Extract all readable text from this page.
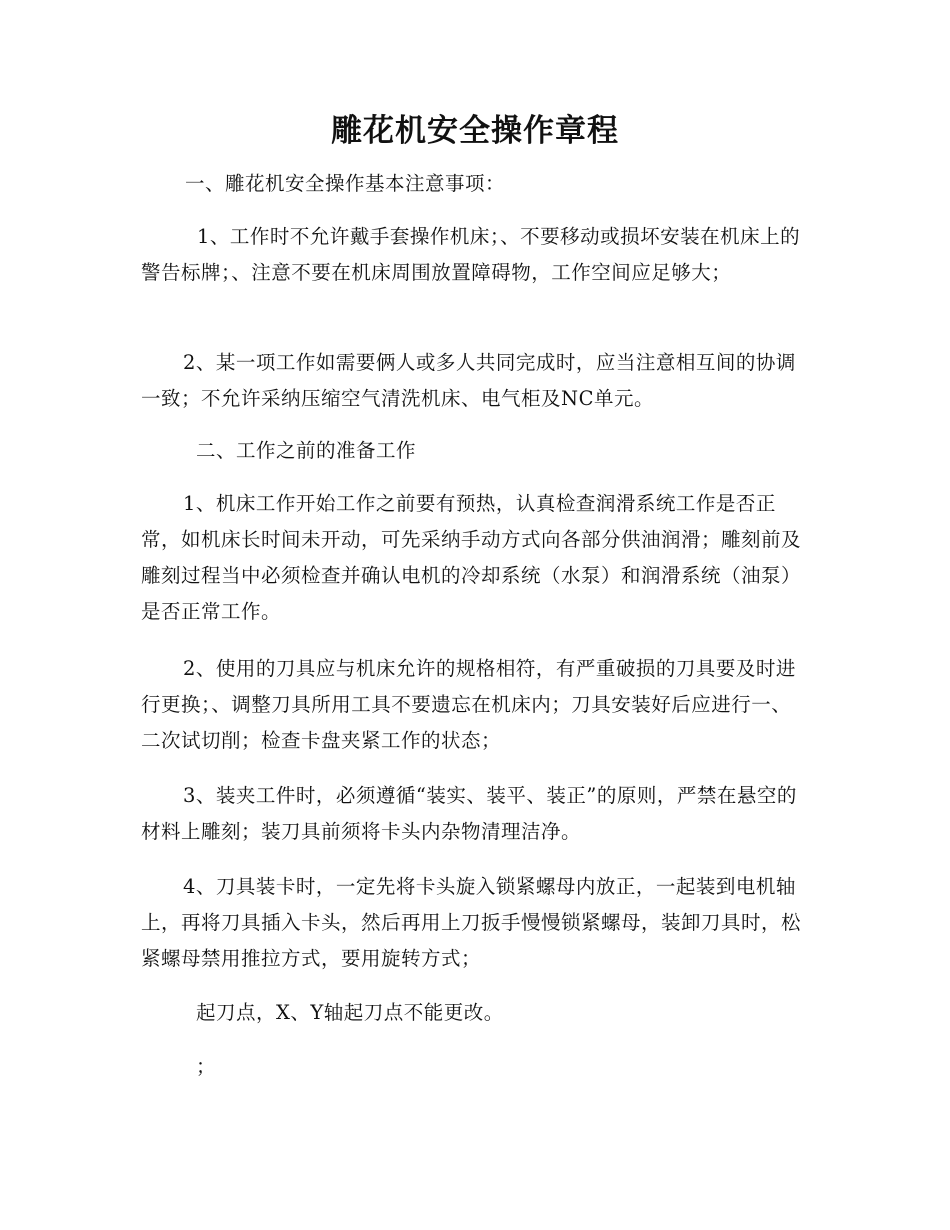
雕花机安全操作章程

一、雕花机安全操作基本注意事项：

1、工作时不允许戴手套操作机床；、不要移动或损坏安装在机床上的警告标牌；、注意不要在机床周围放置障碍物，工作空间应足够大；

2、某一项工作如需要俩人或多人共同完成时，应当注意相互间的协调一致；不允许采纳压缩空气清洗机床、电气柜及NC单元。

二、工作之前的准备工作

1、机床工作开始工作之前要有预热，认真检查润滑系统工作是否正常，如机床长时间未开动，可先采纳手动方式向各部分供油润滑；雕刻前及雕刻过程当中必须检查并确认电机的冷却系统（水泵）和润滑系统（油泵）是否正常工作。

2、使用的刀具应与机床允许的规格相符，有严重破损的刀具要及时进行更换；、调整刀具所用工具不要遗忘在机床内；刀具安装好后应进行一、二次试切削；检查卡盘夹紧工作的状态；

3、装夹工件时，必须遵循“装实、装平、装正”的原则，严禁在悬空的材料上雕刻；装刀具前须将卡头内杂物清理洁净。

4、刀具装卡时，一定先将卡头旋入锁紧螺母内放正，一起装到电机轴上，再将刀具插入卡头，然后再用上刀扳手慢慢锁紧螺母，装卸刀具时，松紧螺母禁用推拉方式，要用旋转方式；

起刀点，X、Y轴起刀点不能更改。

；
